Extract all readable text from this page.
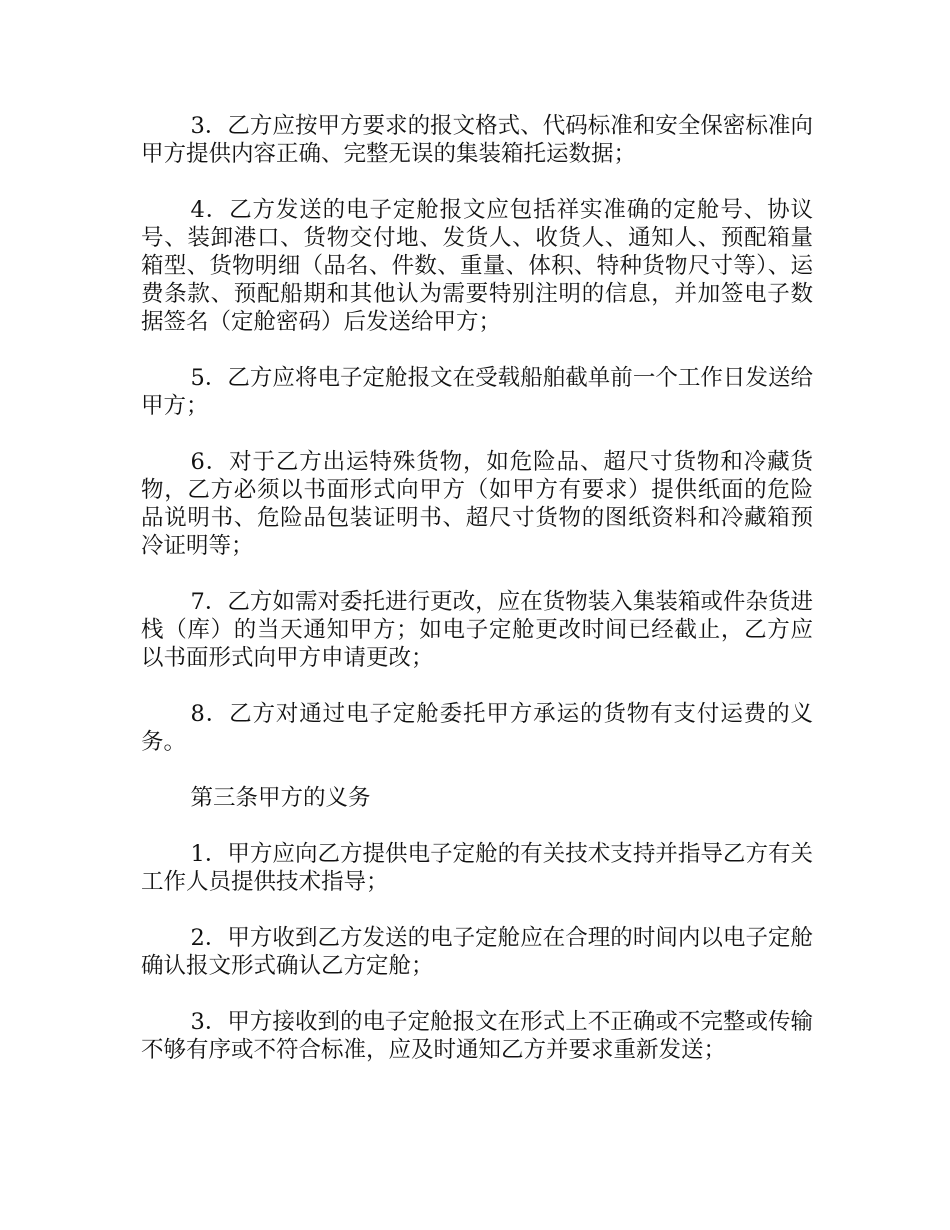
3．乙方应按甲方要求的报文格式、代码标准和安全保密标准向甲方提供内容正确、完整无误的集装箱托运数据；

4．乙方发送的电子定舱报文应包括祥实准确的定舱号、协议号、装卸港口、货物交付地、发货人、收货人、通知人、预配箱量箱型、货物明细（品名、件数、重量、体积、特种货物尺寸等）、运费条款、预配船期和其他认为需要特别注明的信息，并加签电子数据签名（定舱密码）后发送给甲方；

5．乙方应将电子定舱报文在受载船舶截单前一个工作日发送给甲方；

6．对于乙方出运特殊货物，如危险品、超尺寸货物和冷藏货物，乙方必须以书面形式向甲方（如甲方有要求）提供纸面的危险品说明书、危险品包装证明书、超尺寸货物的图纸资料和冷藏箱预冷证明等；

7．乙方如需对委托进行更改，应在货物装入集装箱或件杂货进栈（库）的当天通知甲方；如电子定舱更改时间已经截止，乙方应以书面形式向甲方申请更改；

8．乙方对通过电子定舱委托甲方承运的货物有支付运费的义务。

第三条甲方的义务

1．甲方应向乙方提供电子定舱的有关技术支持并指导乙方有关工作人员提供技术指导；

2．甲方收到乙方发送的电子定舱应在合理的时间内以电子定舱确认报文形式确认乙方定舱；

3．甲方接收到的电子定舱报文在形式上不正确或不完整或传输不够有序或不符合标准，应及时通知乙方并要求重新发送；
